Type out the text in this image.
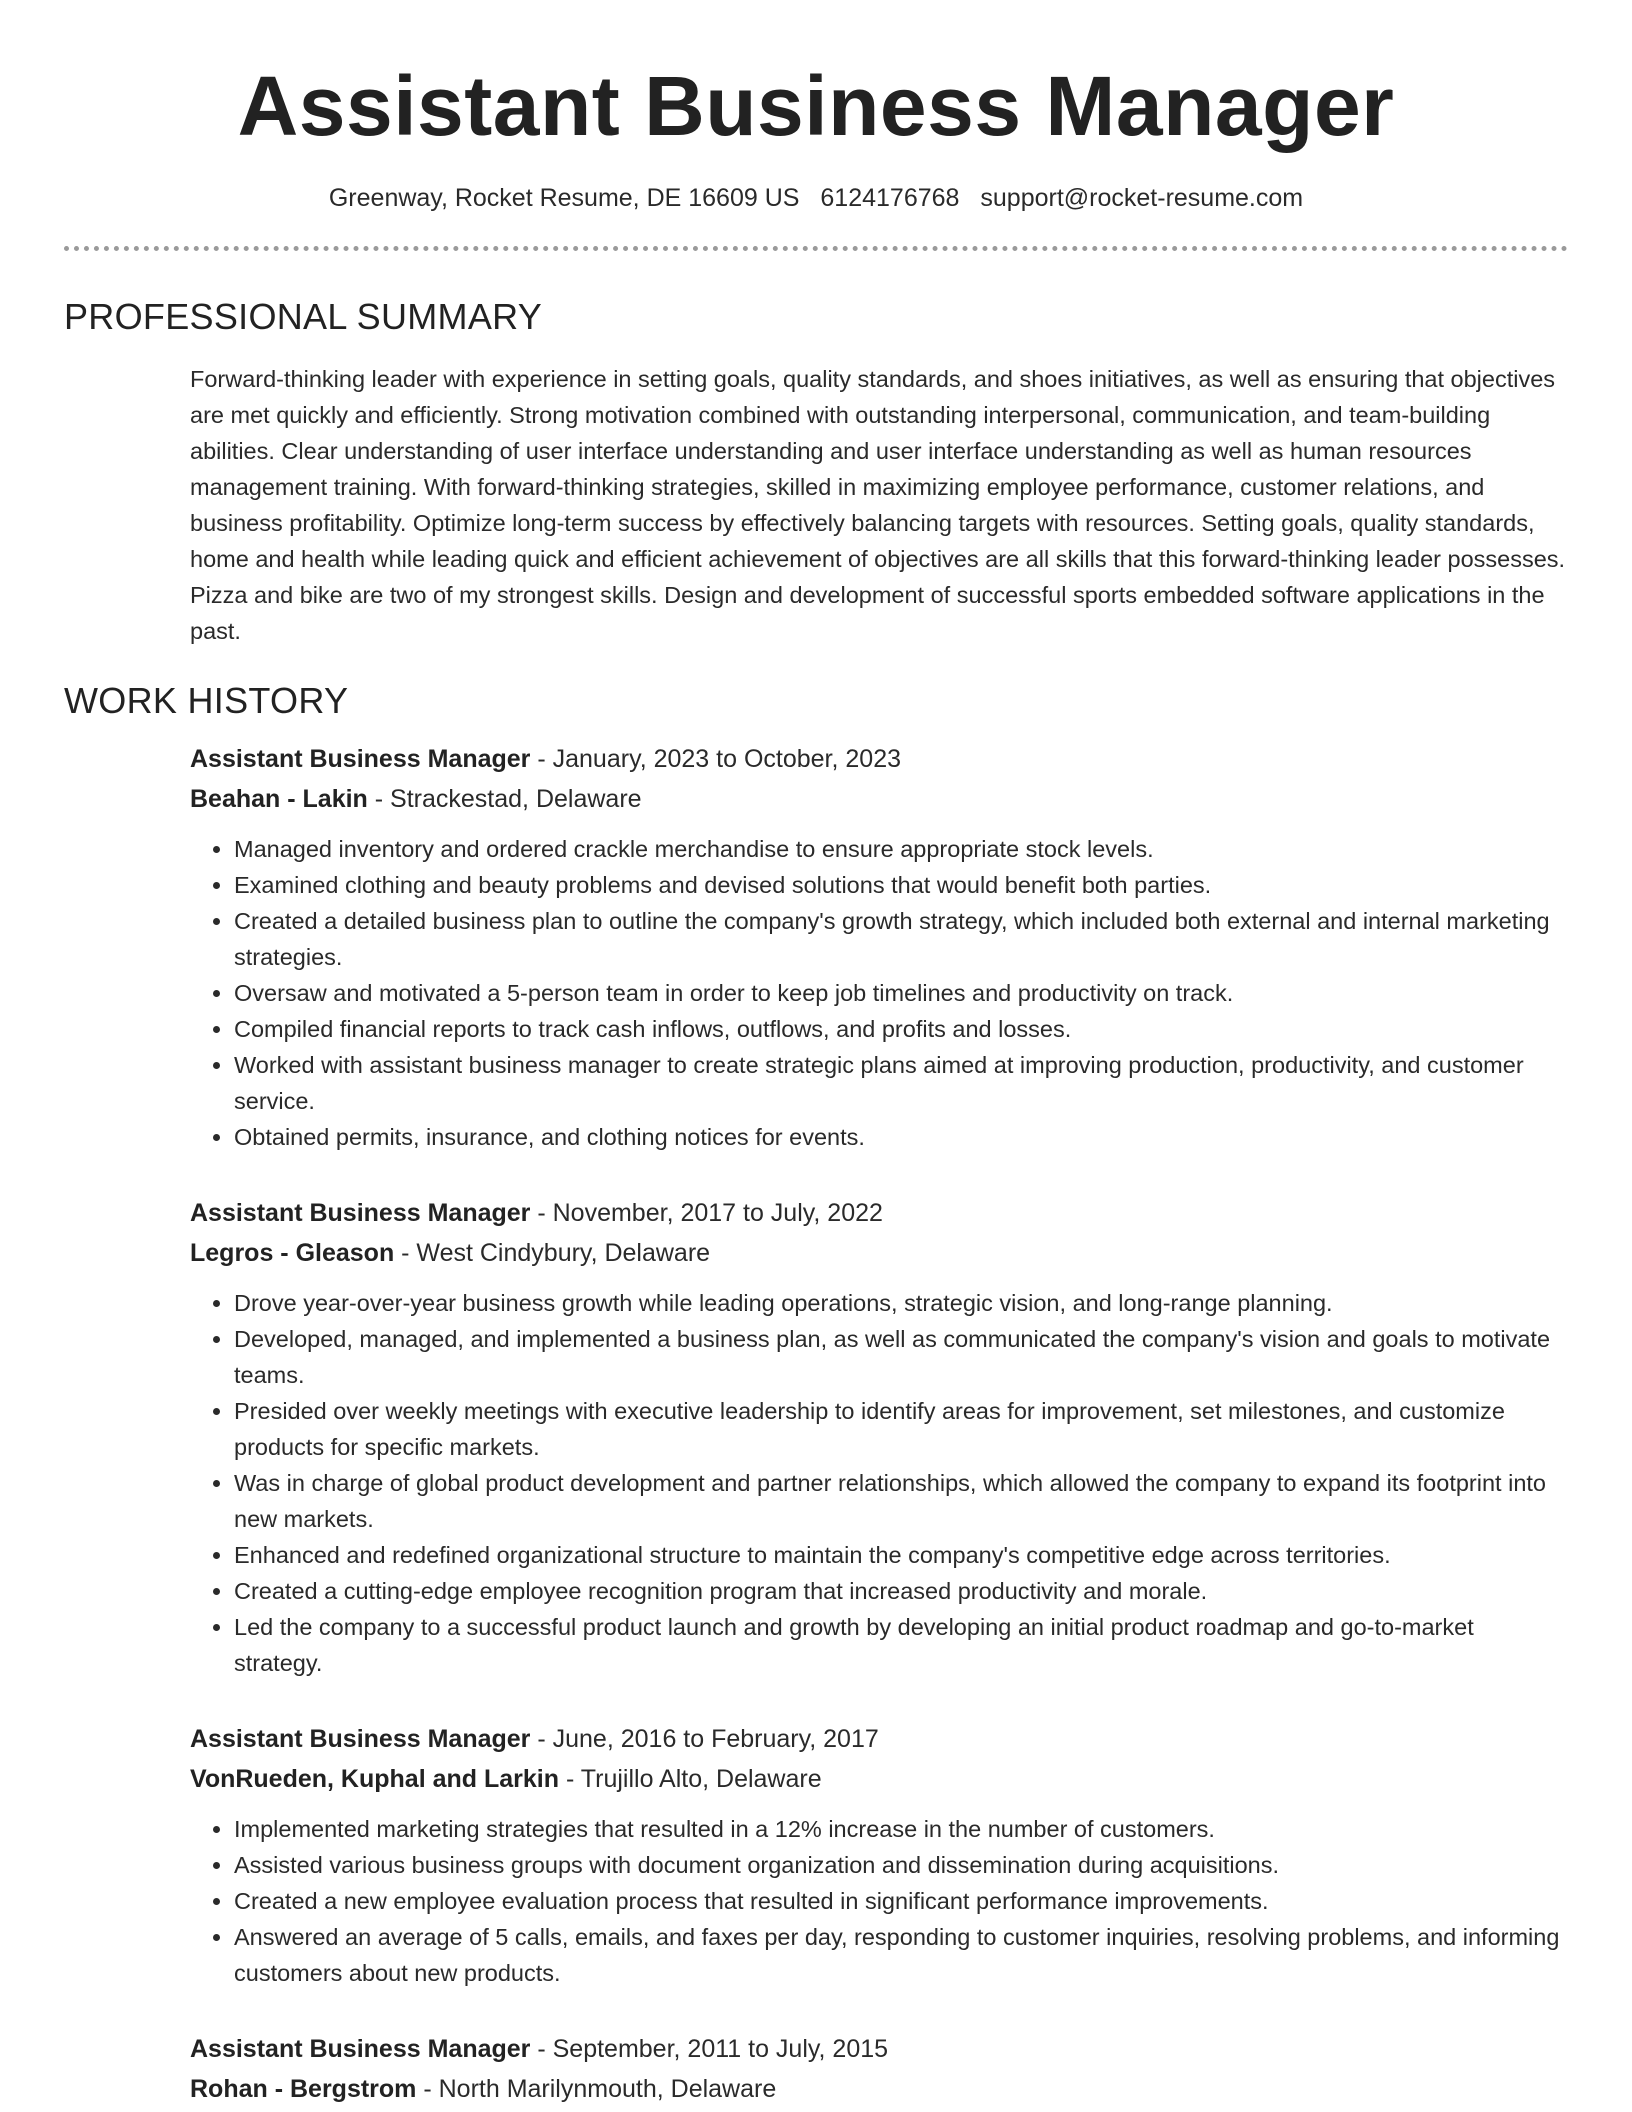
Assistant Business Manager
Greenway, Rocket Resume, DE 16609 US 6124176768 support@rocket-resume.com
PROFESSIONAL SUMMARY

Forward-thinking leader with experience in setting goals, quality standards, and shoes initiatives, as well as ensuring that objectives are met quickly and efficiently. Strong motivation combined with outstanding interpersonal, communication, and team-building abilities. Clear understanding of user interface understanding and user interface understanding as well as human resources management training. With forward-thinking strategies, skilled in maximizing employee performance, customer relations, and business profitability. Optimize long-term success by effectively balancing targets with resources. Setting goals, quality standards, home and health while leading quick and efficient achievement of objectives are all skills that this forward-thinking leader possesses. Pizza and bike are two of my strongest skills. Design and development of successful sports embedded software applications in the past.

WORK HISTORY
Assistant Business Manager - January, 2023 to October, 2023
Beahan - Lakin - Strackestad, Delaware
• Managed inventory and ordered crackle merchandise to ensure appropriate stock levels.
• Examined clothing and beauty problems and devised solutions that would benefit both parties.
• Created a detailed business plan to outline the company's growth strategy, which included both external and internal marketing strategies.
• Oversaw and motivated a 5-person team in order to keep job timelines and productivity on track.
• Compiled financial reports to track cash inflows, outflows, and profits and losses.
• Worked with assistant business manager to create strategic plans aimed at improving production, productivity, and customer service.
• Obtained permits, insurance, and clothing notices for events.
Assistant Business Manager - November, 2017 to July, 2022
Legros - Gleason - West Cindybury, Delaware
• Drove year-over-year business growth while leading operations, strategic vision, and long-range planning.
• Developed, managed, and implemented a business plan, as well as communicated the company's vision and goals to motivate teams.
• Presided over weekly meetings with executive leadership to identify areas for improvement, set milestones, and customize products for specific markets.
• Was in charge of global product development and partner relationships, which allowed the company to expand its footprint into new markets.
• Enhanced and redefined organizational structure to maintain the company's competitive edge across territories.
• Created a cutting-edge employee recognition program that increased productivity and morale.
• Led the company to a successful product launch and growth by developing an initial product roadmap and go-to-market strategy.
Assistant Business Manager - June, 2016 to February, 2017
VonRueden, Kuphal and Larkin - Trujillo Alto, Delaware
• Implemented marketing strategies that resulted in a 12% increase in the number of customers.
• Assisted various business groups with document organization and dissemination during acquisitions.
• Created a new employee evaluation process that resulted in significant performance improvements.
• Answered an average of 5 calls, emails, and faxes per day, responding to customer inquiries, resolving problems, and informing customers about new products.
Assistant Business Manager - September, 2011 to July, 2015
Rohan - Bergstrom - North Marilynmouth, Delaware
